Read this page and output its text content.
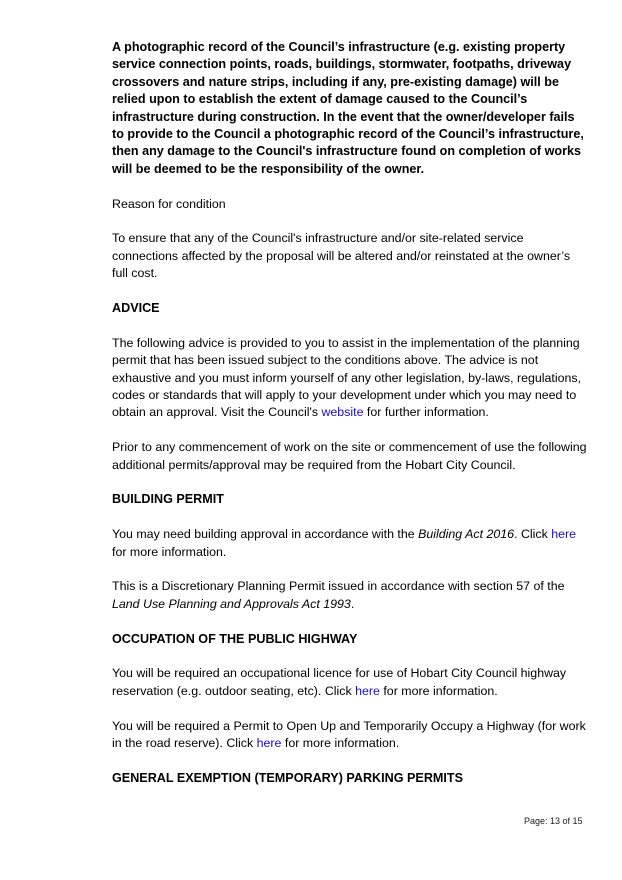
A photographic record of the Council’s infrastructure (e.g. existing property service connection points, roads, buildings, stormwater, footpaths, driveway crossovers and nature strips, including if any, pre-existing damage) will be relied upon to establish the extent of damage caused to the Council’s infrastructure during construction. In the event that the owner/developer fails to provide to the Council a photographic record of the Council’s infrastructure, then any damage to the Council's infrastructure found on completion of works will be deemed to be the responsibility of the owner.

Reason for condition

To ensure that any of the Council's infrastructure and/or site-related service connections affected by the proposal will be altered and/or reinstated at the owner’s full cost.

ADVICE

The following advice is provided to you to assist in the implementation of the planning permit that has been issued subject to the conditions above. The advice is not exhaustive and you must inform yourself of any other legislation, by-laws, regulations, codes or standards that will apply to your development under which you may need to obtain an approval. Visit the Council's website for further information.

Prior to any commencement of work on the site or commencement of use the following additional permits/approval may be required from the Hobart City Council.

BUILDING PERMIT

You may need building approval in accordance with the Building Act 2016. Click here for more information.

This is a Discretionary Planning Permit issued in accordance with section 57 of the Land Use Planning and Approvals Act 1993.

OCCUPATION OF THE PUBLIC HIGHWAY

You will be required an occupational licence for use of Hobart City Council highway reservation (e.g. outdoor seating, etc). Click here for more information.

You will be required a Permit to Open Up and Temporarily Occupy a Highway (for work in the road reserve). Click here for more information.

GENERAL EXEMPTION (TEMPORARY) PARKING PERMITS
Page: 13 of 15
